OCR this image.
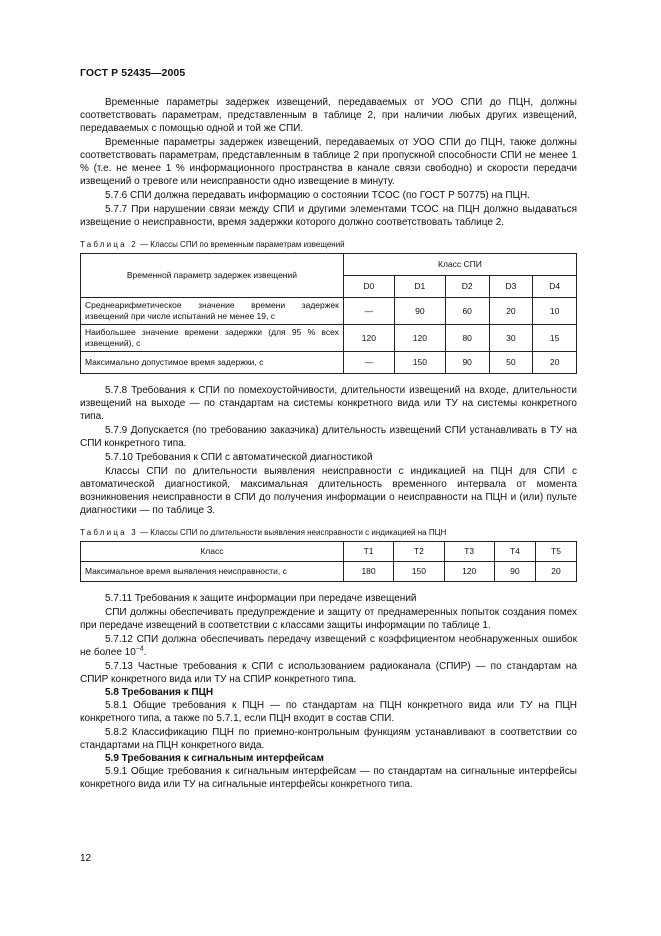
ГОСТ Р 52435—2005

Временные параметры задержек извещений, передаваемых от УОО СПИ до ПЦН, должны соответствовать параметрам, представленным в таблице 2, при наличии любых других извещений, передаваемых с помощью одной и той же СПИ.

Временные параметры задержек извещений, передаваемых от УОО СПИ до ПЦН, также должны соответствовать параметрам, представленным в таблице 2 при пропускной способности СПИ не менее 1 % (т.е. не менее 1 % информационного пространства в канале связи свободно) и скорости передачи извещений о тревоге или неисправности одно извещение в минуту.

5.7.6 СПИ должна передавать информацию о состоянии ТСОС (по ГОСТ Р 50775) на ПЦН.

5.7.7 При нарушении связи между СПИ и другими элементами ТСОС на ПЦН должно выдаваться извещение о неисправности, время задержки которого должно соответствовать таблице 2.

Таблица 2 — Классы СПИ по временным параметрам извещений

Временной параметр задержек извещений	Класс СПИ				
	D0	D1	D2	D3	D4
Среднеарифметическое значение времени задержек извещений при числе испытаний не менее 19, с	—	90	60	20	10
Наибольшее значение времени задержки (для 95 % всех извещений), с	120	120	80	30	15
Максимально допустимое время задержки, с	—	150	90	50	20

5.7.8 Требования к СПИ по помехоустойчивости, длительности извещений на входе, длительности извещений на выходе — по стандартам на системы конкретного вида или ТУ на системы конкретного типа.

5.7.9 Допускается (по требованию заказчика) длительность извещений СПИ устанавливать в ТУ на СПИ конкретного типа.

5.7.10 Требования к СПИ с автоматической диагностикой

Классы СПИ по длительности выявления неисправности с индикацией на ПЦН для СПИ с автоматической диагностикой, максимальная длительность временного интервала от момента возникновения неисправности в СПИ до получения информации о неисправности на ПЦН и (или) пульте диагностики — по таблице 3.

Таблица 3 — Классы СПИ по длительности выявления неисправности с индикацией на ПЦН

Класс	T1	T2	T3	T4	T5
Максимальное время выявления неисправности, с	180	150	120	90	20

5.7.11 Требования к защите информации при передаче извещений

СПИ должны обеспечивать предупреждение и защиту от преднамеренных попыток создания помех при передаче извещений в соответствии с классами защиты информации по таблице 1.

5.7.12 СПИ должна обеспечивать передачу извещений с коэффициентом необнаруженных ошибок не более $10^{-4}$.

5.7.13 Частные требования к СПИ с использованием радиоканала (СПИР) — по стандартам на СПИР конкретного вида или ТУ на СПИР конкретного типа.

5.8 Требования к ПЦН

5.8.1 Общие требования к ПЦН — по стандартам на ПЦН конкретного вида или ТУ на ПЦН конкретного типа, а также по 5.7.1, если ПЦН входит в состав СПИ.

5.8.2 Классификацию ПЦН по приемно-контрольным функциям устанавливают в соответствии со стандартами на ПЦН конкретного вида.

5.9 Требования к сигнальным интерфейсам

5.9.1 Общие требования к сигнальным интерфейсам — по стандартам на сигнальные интерфейсы конкретного вида или ТУ на сигнальные интерфейсы конкретного типа.

12
